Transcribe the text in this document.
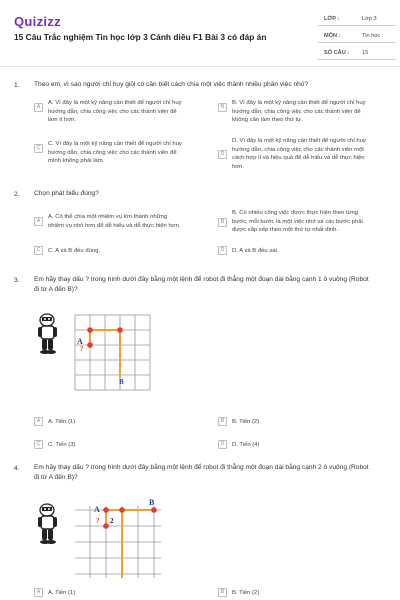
Quizizz
15 Câu Trắc nghiệm Tin học lớp 3 Cánh diều F1 Bài 3 có đáp án
LỚP :	Lớp 3
MÔN :	Tin học
SỐ CÂU : 15
1. Theo em, vì sao người chỉ huy giỏi có cần biết cách chia một việc thành nhiều phần việc nhỏ?
A
A. Vì đây là một kỹ năng cần thiết để người chỉ huy
hướng dẫn, chia công việc cho các thành viên để
làm ít hơn.
B
B. Vì đây là một kỹ năng cần thiết để người chỉ huy
hướng dẫn, chia công việc cho các thành viên để
không cần làm theo thứ tự.
C
C. Vì đây là một kỹ năng cần thiết để người chỉ huy
hướng dẫn, chia công việc cho các thành viên để
mình không phải làm.
D
D. Vì đây là một kỹ năng cần thiết để người chỉ huy
hướng dẫn, chia công việc cho các thành viên một
cách hợp lí và hiệu quả để dễ hiểu và dễ thực hiện
hơn.
2. Chọn phát biểu đúng?
A
A. Có thể chia một nhiệm vụ lớn thành những
nhiệm vụ nhỏ hơn để dễ hiểu và dễ thực hiện hơn.
B
B. Có nhiều công việc được thực hiện theo từng
bước, mỗi bước là một việc nhỏ và các bước phải
được sắp xếp theo một thứ tự nhất định.
C	C. A và B đều đúng.	D	D. A và B đều sai.
3. Em hãy thay dấu ? trong hình dưới đây bằng một lệnh để robot đi thẳng một đoạn dài bằng cạnh 1 ô vuông (Robot
đi từ A đến B)?
A
?
B
A	A. Tiến (1)	B	B. Tiến (2)
C	C. Tiến (3)	D	D. Tiến (4)
4. Em hãy thay dấu ? trong hình dưới đây bằng một lệnh để robot đi thẳng một đoạn dài bằng cạnh 2 ô vuông (Robot
đi từ A đến B)?
A
? 2
B
A	A. Tiến (1)	B	B. Tiến (2)
